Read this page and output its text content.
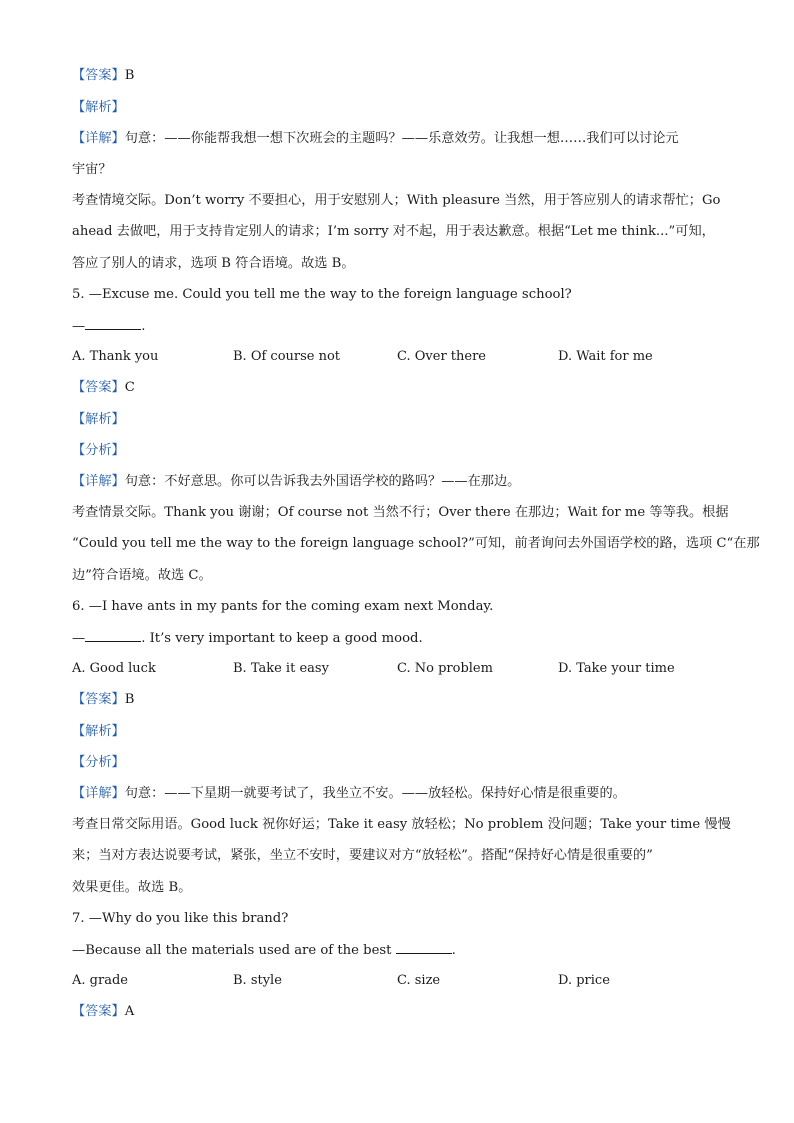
【答案】B
【解析】
【详解】句意：——你能帮我想一想下次班会的主题吗？——乐意效劳。让我想一想……我们可以讨论元
宇宙？
考查情境交际。Don’t worry 不要担心，用于安慰别人；With pleasure 当然，用于答应别人的请求帮忙；Go
ahead 去做吧，用于支持肯定别人的请求；I’m sorry 对不起，用于表达歉意。根据“Let me think...”可知，
答应了别人的请求，选项 B 符合语境。故选 B。
5. —Excuse me. Could you tell me the way to the foreign language school?
—	.
A. Thank you	B. Of course not	C. Over there	D. Wait for me
【答案】C
【解析】
【分析】
【详解】句意：不好意思。你可以告诉我去外国语学校的路吗？——在那边。
考查情景交际。Thank you 谢谢；Of course not 当然不行；Over there 在那边；Wait for me 等等我。根据
“Could you tell me the way to the foreign language school?”可知，前者询问去外国语学校的路，选项 C“在那
边”符合语境。故选 C。
6. —I have ants in my pants for the coming exam next Monday.
—	. It’s very important to keep a good mood.
A. Good luck	B. Take it easy	C. No problem	D. Take your time
【答案】B
【解析】
【分析】
【详解】句意：——下星期一就要考试了，我坐立不安。——放轻松。保持好心情是很重要的。
考查日常交际用语。Good luck 祝你好运；Take it easy 放轻松；No problem 没问题；Take your time 慢慢
来；当对方表达说要考试，紧张，坐立不安时，要建议对方“放轻松”。搭配“保持好心情是很重要的”
效果更佳。故选 B。
7. —Why do you like this brand?
—Because all the materials used are of the best	.
A. grade	B. style	C. size	D. price
【答案】A
